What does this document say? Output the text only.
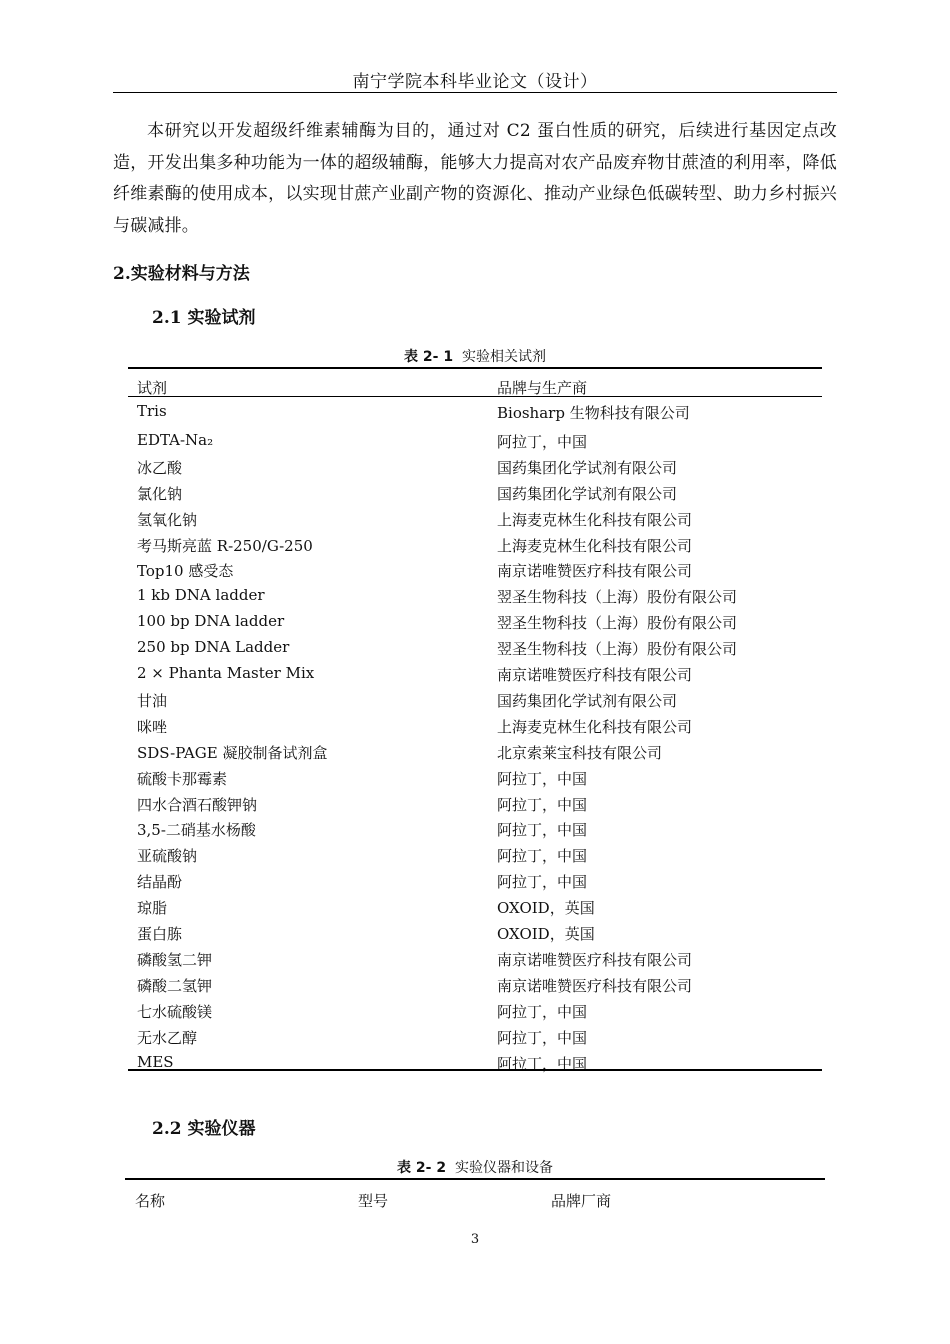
南宁学院本科毕业论文（设计）
本研究以开发超级纤维素辅酶为目的，通过对 C2 蛋白性质的研究，后续进行基因定点改造，开发出集多种功能为一体的超级辅酶，能够大力提高对农产品废弃物甘蔗渣的利用率，降低纤维素酶的使用成本，以实现甘蔗产业副产物的资源化、推动产业绿色低碳转型、助力乡村振兴与碳减排。
2.实验材料与方法
2.1 实验试剂
表 2- 1 实验相关试剂
试剂	品牌与生产商
Tris	Biosharp 生物科技有限公司
EDTA-Na₂	阿拉丁，中国
冰乙酸	国药集团化学试剂有限公司
氯化钠	国药集团化学试剂有限公司
氢氧化钠	上海麦克林生化科技有限公司
考马斯亮蓝 R-250/G-250	上海麦克林生化科技有限公司
Top10 感受态	南京诺唯赞医疗科技有限公司
1 kb DNA ladder	翌圣生物科技（上海）股份有限公司
100 bp DNA ladder	翌圣生物科技（上海）股份有限公司
250 bp DNA Ladder	翌圣生物科技（上海）股份有限公司
2 × Phanta Master Mix	南京诺唯赞医疗科技有限公司
甘油	国药集团化学试剂有限公司
咪唑	上海麦克林生化科技有限公司
SDS-PAGE 凝胶制备试剂盒	北京索莱宝科技有限公司
硫酸卡那霉素	阿拉丁，中国
四水合酒石酸钾钠	阿拉丁，中国
3,5-二硝基水杨酸	阿拉丁，中国
亚硫酸钠	阿拉丁，中国
结晶酚	阿拉丁，中国
琼脂	OXOID，英国
蛋白胨	OXOID，英国
磷酸氢二钾	南京诺唯赞医疗科技有限公司
磷酸二氢钾	南京诺唯赞医疗科技有限公司
七水硫酸镁	阿拉丁，中国
无水乙醇	阿拉丁，中国
MES	阿拉丁，中国
2.2 实验仪器
表 2- 2 实验仪器和设备
名称	型号	品牌厂商
3
